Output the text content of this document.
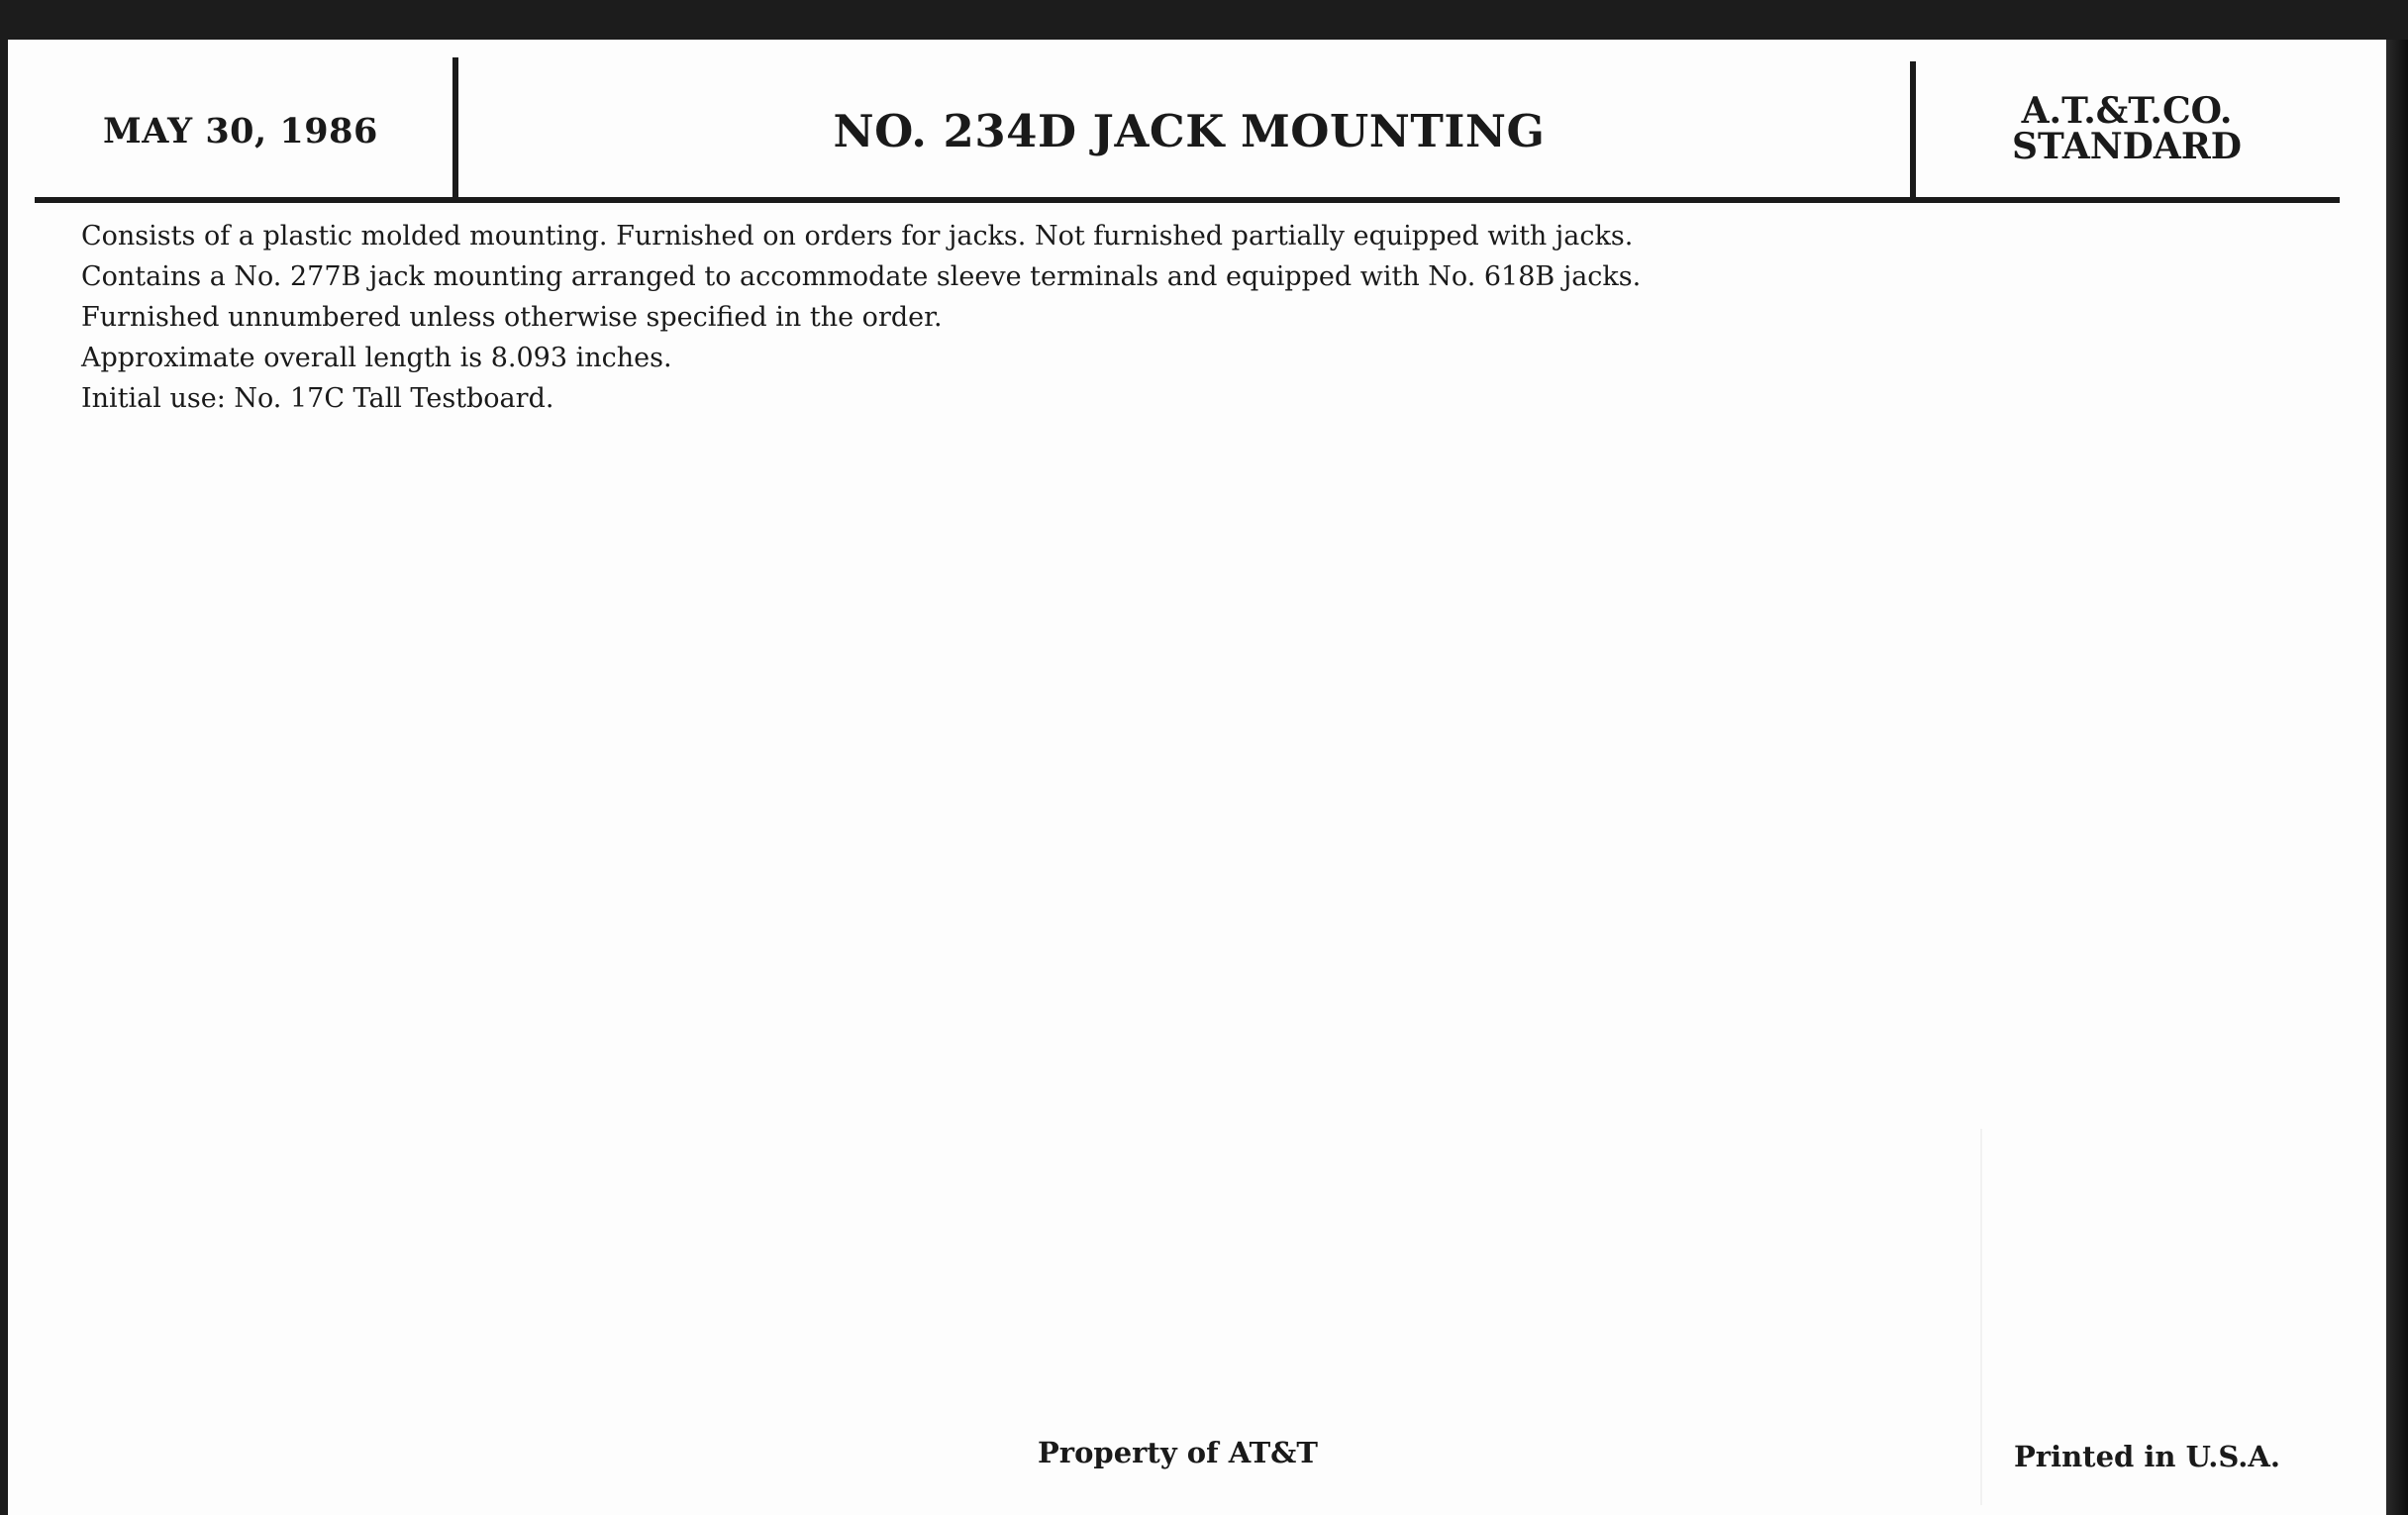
MAY 30, 1986	NO. 234D JACK MOUNTING	A.T.&T.CO.
STANDARD
Consists of a plastic molded mounting. Furnished on orders for jacks. Not furnished partially equipped with jacks.
Contains a No. 277B jack mounting arranged to accommodate sleeve terminals and equipped with No. 618B jacks.
Furnished unnumbered unless otherwise specified in the order.
Approximate overall length is 8.093 inches.
Initial use: No. 17C Tall Testboard.
Property of AT&T	Printed in U.S.A.
